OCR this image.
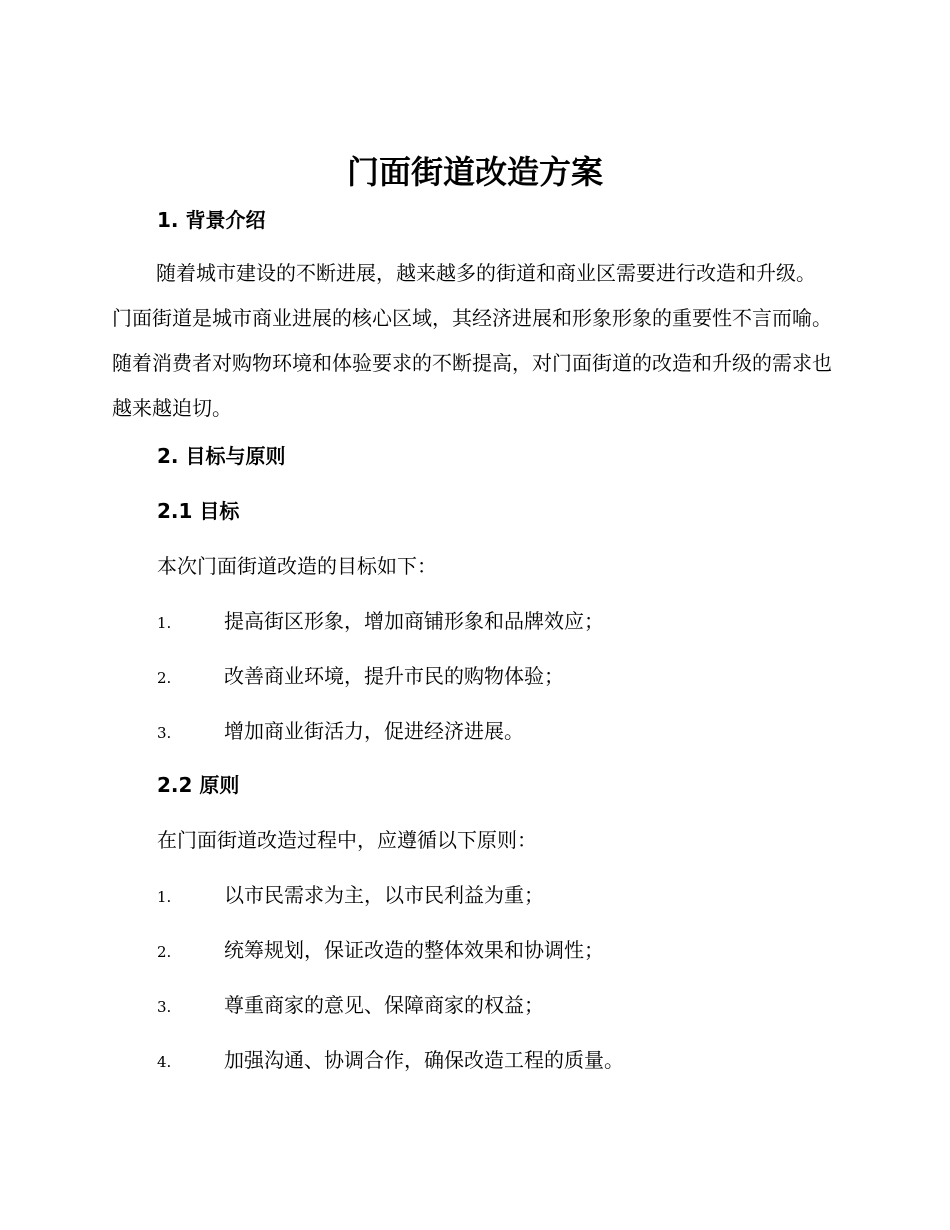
门面街道改造方案
1. 背景介绍

随着城市建设的不断进展，越来越多的街道和商业区需要进行改造和升级。门面街道是城市商业进展的核心区域，其经济进展和形象形象的重要性不言而喻。随着消费者对购物环境和体验要求的不断提高，对门面街道的改造和升级的需求也越来越迫切。

2. 目标与原则
2.1 目标

本次门面街道改造的目标如下：

1.	提高街区形象，增加商铺形象和品牌效应；
2.	改善商业环境，提升市民的购物体验；
3.	增加商业街活力，促进经济进展。
2.2 原则

在门面街道改造过程中，应遵循以下原则：

1.	以市民需求为主，以市民利益为重；
2.	统筹规划，保证改造的整体效果和协调性；
3.	尊重商家的意见、保障商家的权益；
4.	加强沟通、协调合作，确保改造工程的质量。
